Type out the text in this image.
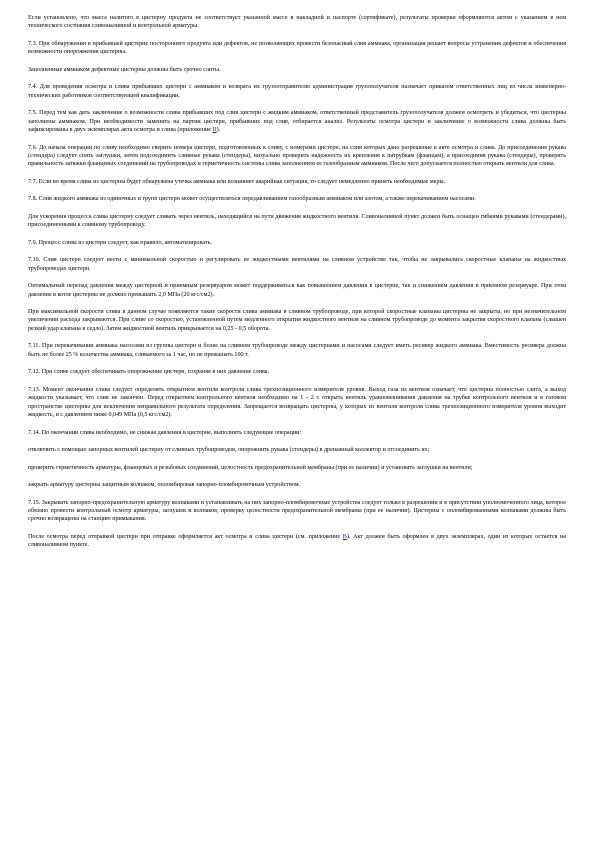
Если установлено, что масса налитого в цистерну продукта не соответствует указанной массе в накладной и паспорте (сертификате), результаты проверки оформляются актом с указанием в нем технического состояния сливоналивной и контрольной арматуры.

7.3. При обнаружении в прибывшей цистерне постороннего продукта или дефектов, не позволяющих провести безопасный слив аммиака, организация решает вопросы устранения дефектов и обеспечения возможности опорожнения цистерны.

Заполненные аммиаком дефектные цистерны должны быть срочно слиты.

7.4. Для проведения осмотра и слива прибывших цистерн с аммиаком и возврата их грузоотправителю администрация грузополучателя назначает приказом ответственных лиц из числа инженерно-технических работников соответствующей квалификации.

7.5. Перед тем как дать заключение о возможности слива прибывших под слив цистерн с жидким аммиаком, ответственный представитель грузополучателя должен осмотреть и убедиться, что цистерны заполнены аммиаком. При необходимости заменить на партии цистерн, прибывших под слив, отбирается анализ. Результаты осмотра цистерн и заключение о возможности слива должны быть зафиксированы в двух экземплярах акта осмотра и слива (приложение В).

7.6. До начала операции по сливу необходимо сверить номера цистерн, подготовленных к сливу, с номерами цистерн, на слив которых дано разрешение в акте осмотра и слива. До присоединения рукава (стендера) следует снять заглушки, затем подсоединить сливные рукава (стендеры), визуально проверить надежность их крепления к патрубкам (фланцам), а присоединив рукава (стендеры), проверить правильность затяжки фланцевых соединений на трубопроводах и герметичность системы слива заполнением ее газообразным аммиаком. После чего допускается полностью открыть вентили для слива.

7.7. Если во время слива из цистерны будет обнаружена утечка аммиака или возникнет аварийная ситуация, то следует немедленно принять необходимые меры.

7.8. Слив жидкого аммиака из одиночных и групп цистерн может осуществляться передавливанием газообразным аммиаком или азотом, а также перекачиванием насосами.

Для ускорения процесса слива цистерну следует сливать через вентиль, находящийся на пути движения жидкостного вентиля. Сливоналивной пункт должен быть оснащен гибкими рукавами (стендерами), присоединенными к сливному трубопроводу.

7.9. Процесс слива из цистерн следует, как правило, автоматизировать.

7.10. Слив цистерн следует вести с минимальной скоростью и регулировать ее жидкостными вентилями на сливном устройстве так, чтобы не закрывались скоростные клапаны на жидкостных трубопроводах цистерн.

Оптимальный перепад давления между цистерной и приемным резервуаром может поддерживаться как повышением давления в цистерне, так и снижением давления в приемном резервуаре. При этом давление в котле цистерны не должно превышать 2,0 МПа (20 кгс/см2).

При максимальной скорости слива в данном случае появляются такие скорости слива аммиака в сливном трубопроводе, при которой скоростные клапаны цистерны не закрыты, но при незначительном увеличении расхода закрываются. При сливе со скоростью, установленной путем медленного открытия жидкостного вентиля на сливном трубопроводе до момента закрытия скоростного клапана (слышен резкий удар клапана в седло). Затем жидкостной вентиль прикрывается на 0,25 - 0,5 оборота.

7.11. При перекачивании аммиака насосами из группы цистерн и более на сливном трубопроводе между цистернами и насосами следует иметь ресивер жидкого аммиака. Вместимость ресивера должна быть не более 25 % количества аммиака, сливаемого за 1 час, но не превышать 100 т.

7.12. При сливе следует обеспечивать опорожнение цистерн, сохраняя в них давление слива.

7.13. Момент окончания слива следует определять открытием вентиля контроля слива трехпозиционного измерителя уровня. Выход газа из вентиля означает, что цистерна полностью слита, а выход жидкости указывает, что слив не закончен. Перед открытием контрольного вентиля необходимо на 1 - 2 с открыть вентиль уравновешивания давления на трубке контрольного вентиля и в газовом пространстве цистерны для исключения неправильного результата определения. Запрещается возвращать цистерны, у которых из вентиля контроля слива трехпозиционного измерителя уровня выходит жидкость, и с давлением ниже 0,049 МПа (0,5 кгс/см2).

7.14. По окончании слива необходимо, не снижая давления в цистерне, выполнить следующие операции:

отключить с помощью запорных вентилей цистерну от сливных трубопроводов, опорожнить рукава (стендеры) в дренажный коллектор и отсоединить их;

проверить герметичность арматуры, фланцевых и резьбовых соединений, целостность предохранительной мембраны (при ее наличии) и установить заглушки на вентили;

закрыть арматуру цистерны защитным колпаком, опломбировав запорно-пломбировочным устройством.

7.15. Закрывать запорно-предохранительную арматуру колпаками и устанавливать на них запорно-пломбировочные устройства следует только в разрешении и в присутствии уполномоченного лица, которое обязано провести контрольный осмотр арматуры, заглушек и колпаков, проверку целостности предохранительной мембраны (при ее наличии). Цистерны с опломбированными колпаками должны быть срочно возвращены на станцию примыкания.

После осмотра перед отправкой цистерн при отправке оформляется акт осмотра и слива цистерн (см. приложение В). Акт должен быть оформлен в двух экземплярах, один из которых остается на сливоналивном пункте.
